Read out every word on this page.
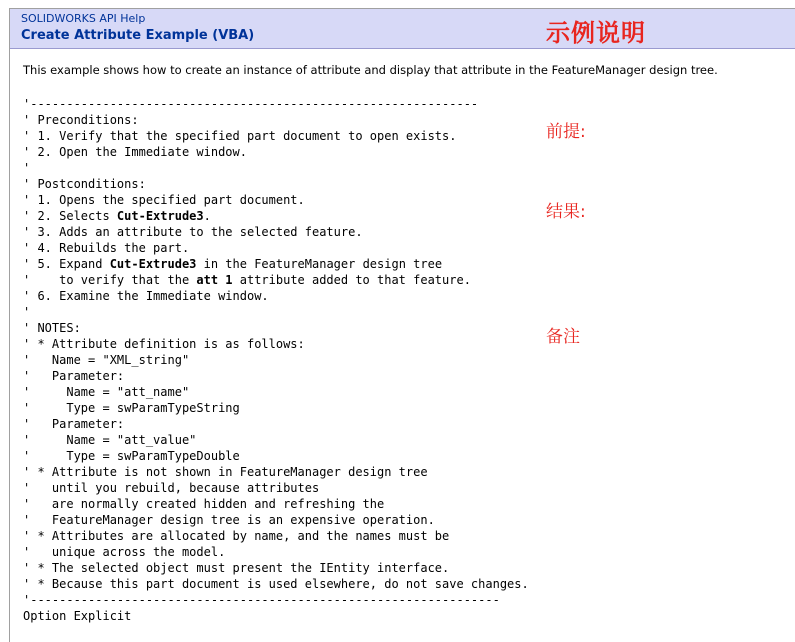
SOLIDWORKS API Help
Create Attribute Example (VBA)
This example shows how to create an instance of attribute and display that attribute in the FeatureManager design tree.
'--------------------------------------------------------------
' Preconditions:
' 1. Verify that the specified part document to open exists.
' 2. Open the Immediate window.
'
' Postconditions:
' 1. Opens the specified part document.
' 2. Selects Cut-Extrude3.
' 3. Adds an attribute to the selected feature.
' 4. Rebuilds the part.
' 5. Expand Cut-Extrude3 in the FeatureManager design tree
'    to verify that the att 1 attribute added to that feature.
' 6. Examine the Immediate window.
'
' NOTES:
' * Attribute definition is as follows:
'   Name = "XML_string"
'   Parameter:
'     Name = "att_name"
'     Type = swParamTypeString
'   Parameter:
'     Name = "att_value"
'     Type = swParamTypeDouble
' * Attribute is not shown in FeatureManager design tree
'   until you rebuild, because attributes
'   are normally created hidden and refreshing the
'   FeatureManager design tree is an expensive operation.
' * Attributes are allocated by name, and the names must be
'   unique across the model.
' * The selected object must present the IEntity interface.
' * Because this part document is used elsewhere, do not save changes.
'-----------------------------------------------------------------
Option Explicit
示例说明
前提:
结果:
备注
